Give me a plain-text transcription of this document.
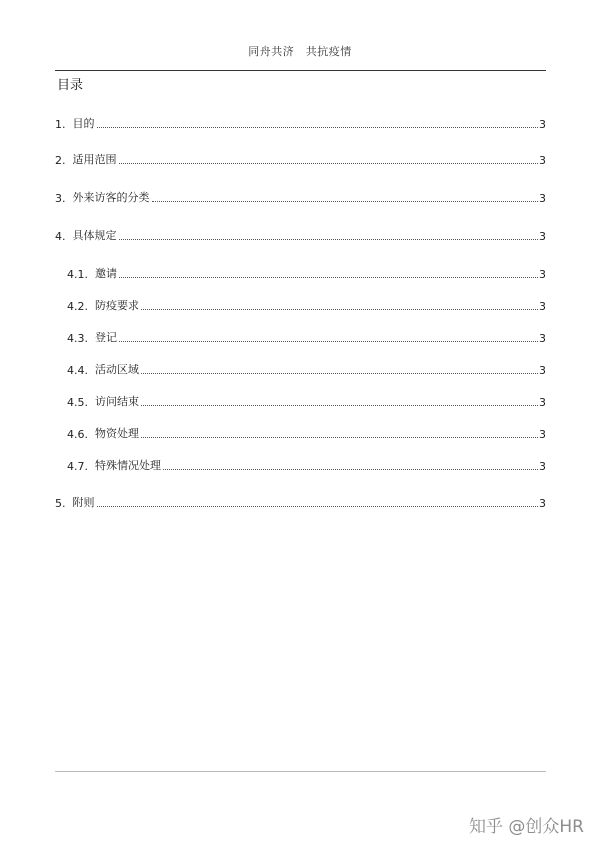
同舟共济　共抗疫情
目录
1. 目的	3
2. 适用范围	3
3. 外来访客的分类	3
4. 具体规定	3
4.1. 邀请	3
4.2. 防疫要求	3
4.3. 登记	3
4.4. 活动区域	3
4.5. 访问结束	3
4.6. 物资处理	3
4.7. 特殊情况处理	3
5. 附则	3
知乎 @创众HR
